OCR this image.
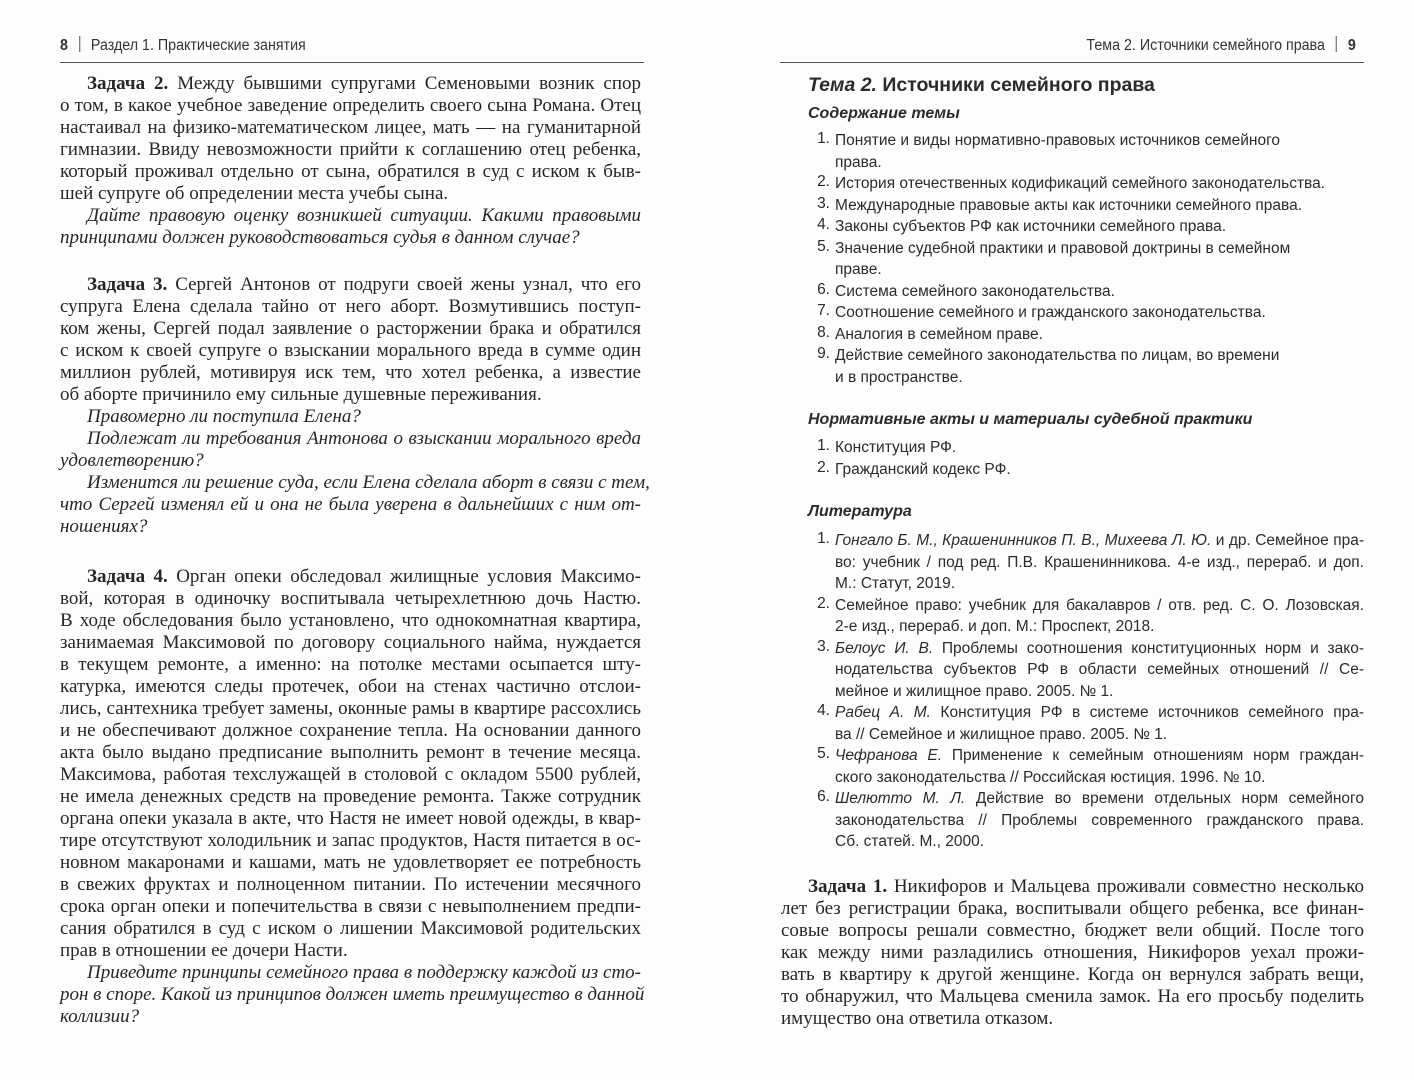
8 Раздел 1. Практические занятия
Задача 2. Между бывшими супругами Семеновыми возник спор
о том, в какое учебное заведение определить своего сына Романа. Отец
настаивал на физико-математическом лицее, мать — на гуманитарной
гимназии. Ввиду невозможности прийти к соглашению отец ребенка,
который проживал отдельно от сына, обратился в суд с иском к быв-
шей супруге об определении места учебы сына.
Дайте правовую оценку возникшей ситуации. Какими правовыми
принципами должен руководствоваться судья в данном случае?
Задача 3. Сергей Антонов от подруги своей жены узнал, что его
супруга Елена сделала тайно от него аборт. Возмутившись поступ-
ком жены, Сергей подал заявление о расторжении брака и обратился
с иском к своей супруге о взыскании морального вреда в сумме один
миллион рублей, мотивируя иск тем, что хотел ребенка, а известие
об аборте причинило ему сильные душевные переживания.
Правомерно ли поступила Елена?
Подлежат ли требования Антонова о взыскании морального вреда
удовлетворению?
Изменится ли решение суда, если Елена сделала аборт в связи с тем,
что Сергей изменял ей и она не была уверена в дальнейших с ним от-
ношениях?
Задача 4. Орган опеки обследовал жилищные условия Максимо-
вой, которая в одиночку воспитывала четырехлетнюю дочь Настю.
В ходе обследования было установлено, что однокомнатная квартира,
занимаемая Максимовой по договору социального найма, нуждается
в текущем ремонте, а именно: на потолке местами осыпается шту-
катурка, имеются следы протечек, обои на стенах частично отслои-
лись, сантехника требует замены, оконные рамы в квартире рассохлись
и не обеспечивают должное сохранение тепла. На основании данного
акта было выдано предписание выполнить ремонт в течение месяца.
Максимова, работая техслужащей в столовой с окладом 5500 рублей,
не имела денежных средств на проведение ремонта. Также сотрудник
органа опеки указала в акте, что Настя не имеет новой одежды, в квар-
тире отсутствуют холодильник и запас продуктов, Настя питается в ос-
новном макаронами и кашами, мать не удовлетворяет ее потребность
в свежих фруктах и полноценном питании. По истечении месячного
срока орган опеки и попечительства в связи с невыполнением предпи-
сания обратился в суд с иском о лишении Максимовой родительских
прав в отношении ее дочери Насти.
Приведите принципы семейного права в поддержку каждой из сто-
рон в споре. Какой из принципов должен иметь преимущество в данной
коллизии?
Тема 2. Источники семейного права 9
Тема 2. Источники семейного права
Содержание темы
1. Понятие и виды нормативно-правовых источников семейного
права.
2. История отечественных кодификаций семейного законодательства.
3. Международные правовые акты как источники семейного права.
4. Законы субъектов РФ как источники семейного права.
5. Значение судебной практики и правовой доктрины в семейном
праве.
6. Система семейного законодательства.
7. Соотношение семейного и гражданского законодательства.
8. Аналогия в семейном праве.
9. Действие семейного законодательства по лицам, во времени
и в пространстве.
Нормативные акты и материалы судебной практики
1. Конституция РФ.
2. Гражданский кодекс РФ.
Литература
1. Гонгало Б. М., Крашенинников П. В., Михеева Л. Ю. и др. Семейное пра-
во: учебник / под ред. П.В. Крашенинникова. 4-е изд., перераб. и доп.
М.: Статут, 2019.
2. Семейное право: учебник для бакалавров / отв. ред. С. О. Лозовская.
2-е изд., перераб. и доп. М.: Проспект, 2018.
3. Белоус И. В. Проблемы соотношения конституционных норм и зако-
нодательства субъектов РФ в области семейных отношений // Се-
мейное и жилищное право. 2005. № 1.
4. Рабец А. М. Конституция РФ в системе источников семейного пра-
ва // Семейное и жилищное право. 2005. № 1.
5. Чефранова Е. Применение к семейным отношениям норм граждан-
ского законодательства // Российская юстиция. 1996. № 10.
6. Шелютто М. Л. Действие во времени отдельных норм семейного
законодательства // Проблемы современного гражданского права.
Сб. статей. М., 2000.
Задача 1. Никифоров и Мальцева проживали совместно несколько
лет без регистрации брака, воспитывали общего ребенка, все финан-
совые вопросы решали совместно, бюджет вели общий. После того
как между ними разладились отношения, Никифоров уехал прожи-
вать в квартиру к другой женщине. Когда он вернулся забрать вещи,
то обнаружил, что Мальцева сменила замок. На его просьбу поделить
имущество она ответила отказом.
